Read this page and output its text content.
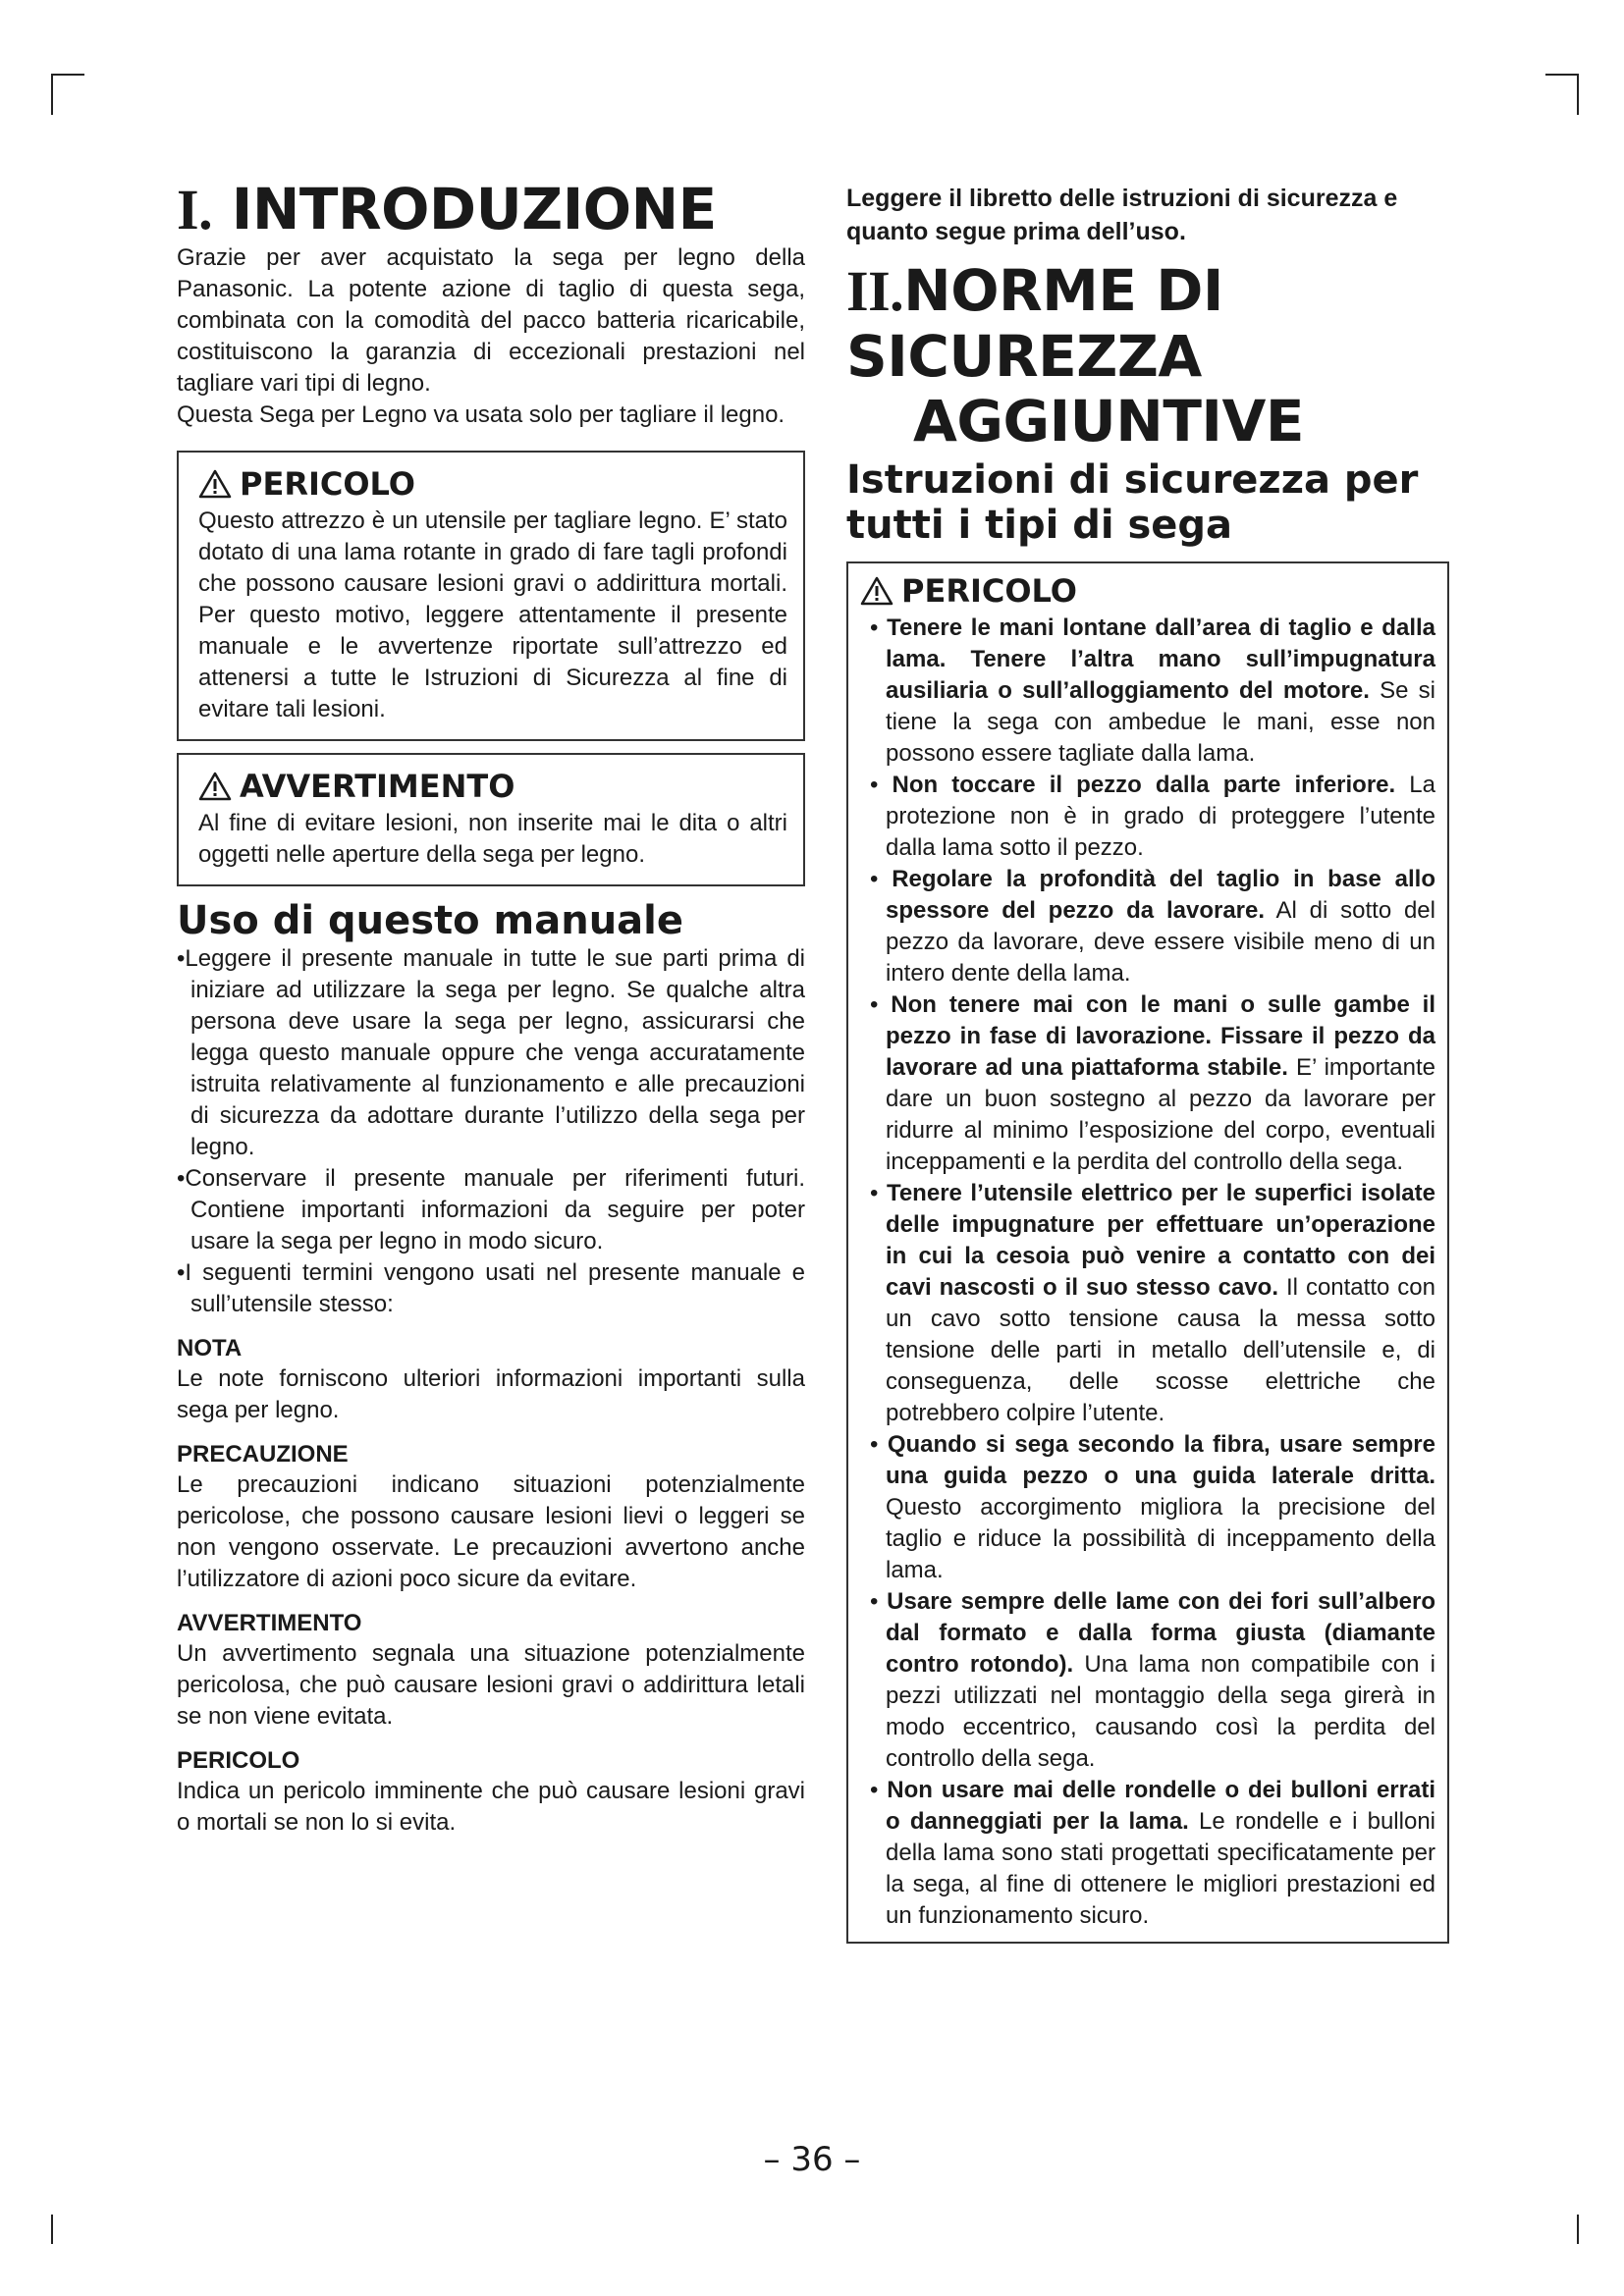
I. INTRODUZIONE

Grazie per aver acquistato la sega per legno della Panasonic. La potente azione di taglio di questa sega, combinata con la comodità del pacco batteria ricaricabile, costituiscono la garanzia di eccezionali prestazioni nel tagliare vari tipi di legno.

Questa Sega per Legno va usata solo per tagliare il legno.

PERICOLO

Questo attrezzo è un utensile per tagliare legno. E’ stato dotato di una lama rotante in grado di fare tagli profondi che possono causare lesioni gravi o addirittura mortali. Per questo motivo, leggere attentamente il presente manuale e le avvertenze riportate sull’attrezzo ed attenersi a tutte le Istruzioni di Sicurezza al fine di evitare tali lesioni.

AVVERTIMENTO

Al fine di evitare lesioni, non inserite mai le dita o altri oggetti nelle aperture della sega per legno.

Uso di questo manuale
•Leggere il presente manuale in tutte le sue parti prima di iniziare ad utilizzare la sega per legno. Se qualche altra persona deve usare la sega per legno, assicurarsi che legga questo manuale oppure che venga accuratamente istruita relativamente al funzionamento e alle precauzioni di sicurezza da adottare durante l’utilizzo della sega per legno.
•Conservare il presente manuale per riferimenti futuri. Contiene importanti informazioni da seguire per poter usare la sega per legno in modo sicuro.
•I seguenti termini vengono usati nel presente manuale e sull’utensile stesso:
NOTA

Le note forniscono ulteriori informazioni importanti sulla sega per legno.

PRECAUZIONE

Le precauzioni indicano situazioni potenzialmente pericolose, che possono causare lesioni lievi o leggeri se non vengono osservate. Le precauzioni avvertono anche l’utilizzatore di azioni poco sicure da evitare.

AVVERTIMENTO

Un avvertimento segnala una situazione potenzialmente pericolosa, che può causare lesioni gravi o addirittura letali se non viene evitata.

PERICOLO

Indica un pericolo imminente che può causare lesioni gravi o mortali se non lo si evita.

Leggere il libretto delle istruzioni di sicurezza e quanto segue prima dell’uso.

II.NORME DI SICUREZZA
AGGIUNTIVE
Istruzioni di sicurezza per tutti i tipi di sega
PERICOLO
• Tenere le mani lontane dall’area di taglio e dalla lama. Tenere l’altra mano sull’impugnatura ausiliaria o sull’alloggiamento del motore. Se si tiene la sega con ambedue le mani, esse non possono essere tagliate dalla lama.
• Non toccare il pezzo dalla parte inferiore. La protezione non è in grado di proteggere l’utente dalla lama sotto il pezzo.
• Regolare la profondità del taglio in base allo spessore del pezzo da lavorare. Al di sotto del pezzo da lavorare, deve essere visibile meno di un intero dente della lama.
• Non tenere mai con le mani o sulle gambe il pezzo in fase di lavorazione. Fissare il pezzo da lavorare ad una piattaforma stabile. E’ importante dare un buon sostegno al pezzo da lavorare per ridurre al minimo l’esposizione del corpo, eventuali inceppamenti e la perdita del controllo della sega.
• Tenere l’utensile elettrico per le superfici isolate delle impugnature per effettuare un’operazione in cui la cesoia può venire a contatto con dei cavi nascosti o il suo stesso cavo. Il contatto con un cavo sotto tensione causa la messa sotto tensione delle parti in metallo dell’utensile e, di conseguenza, delle scosse elettriche che potrebbero colpire l’utente.
• Quando si sega secondo la fibra, usare sempre una guida pezzo o una guida laterale dritta. Questo accorgimento migliora la precisione del taglio e riduce la possibilità di inceppamento della lama.
• Usare sempre delle lame con dei fori sull’albero dal formato e dalla forma giusta (diamante contro rotondo). Una lama non compatibile con i pezzi utilizzati nel montaggio della sega girerà in modo eccentrico, causando così la perdita del controllo della sega.
• Non usare mai delle rondelle o dei bulloni errati o danneggiati per la lama. Le rondelle e i bulloni della lama sono stati progettati specificatamente per la sega, al fine di ottenere le migliori prestazioni ed un funzionamento sicuro.
– 36 –
